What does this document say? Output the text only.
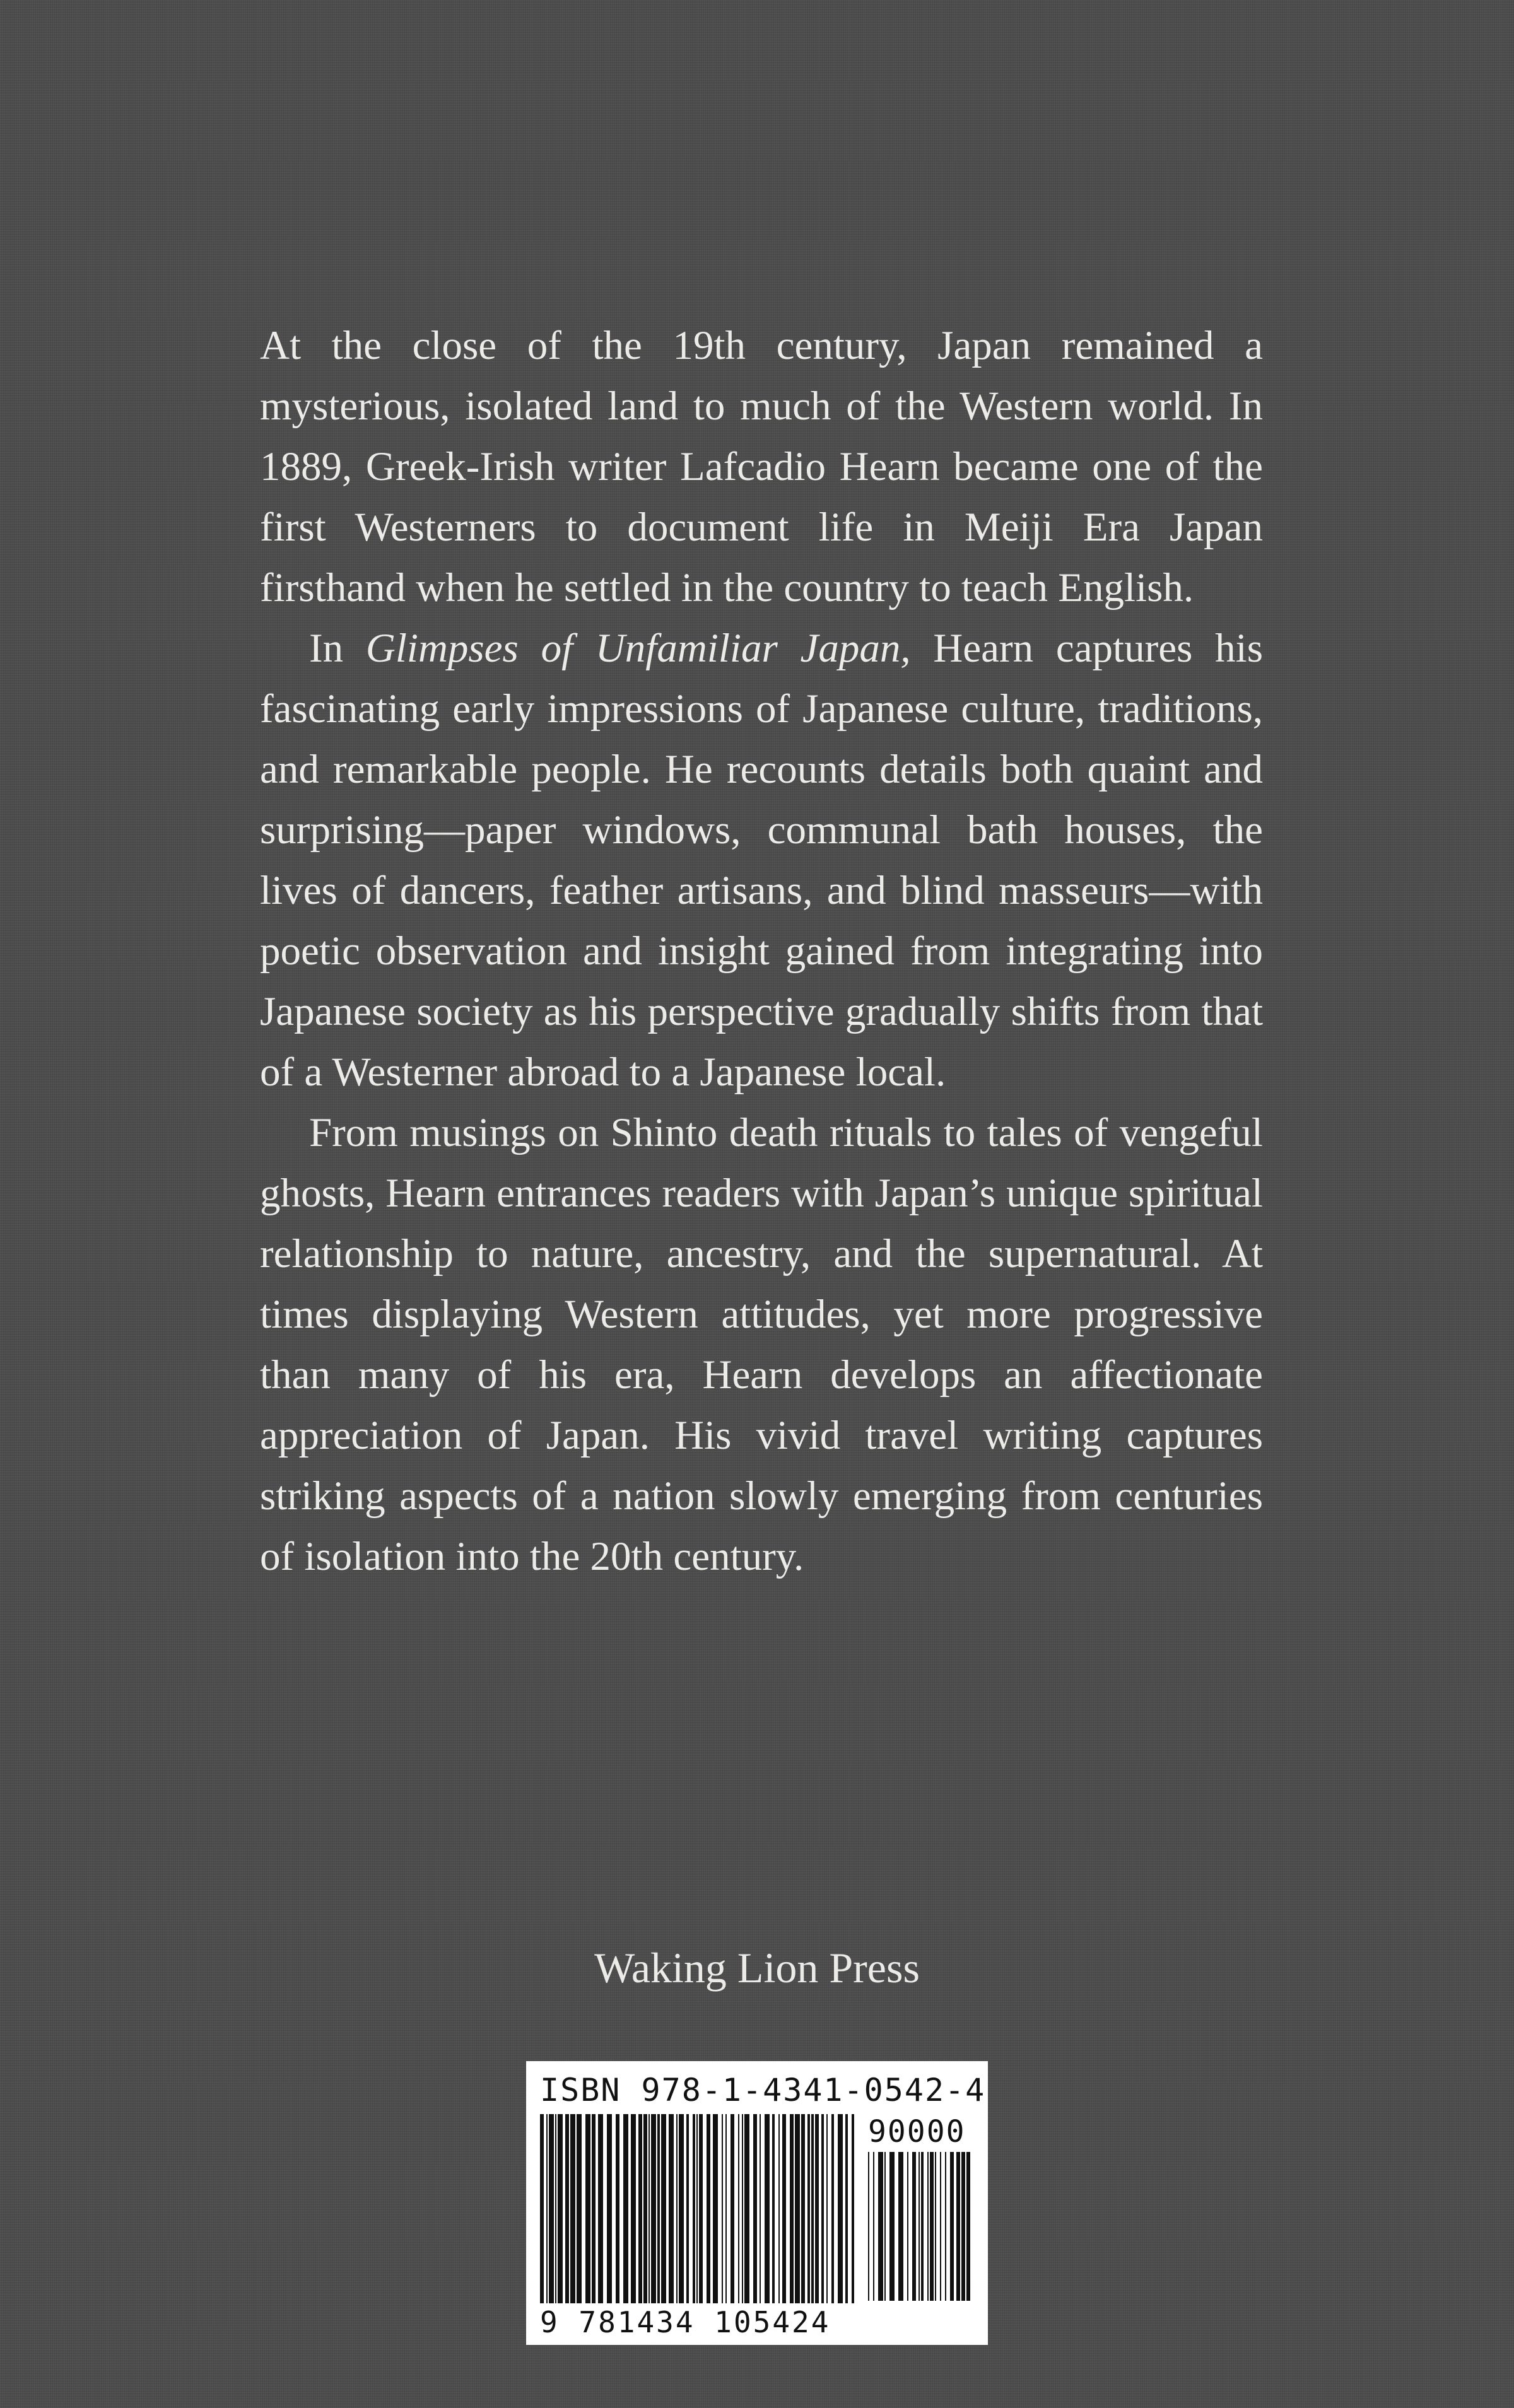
At the close of the 19th century, Japan remained a mysterious, isolated land to much of the Western world. In 1889, Greek-Irish writer Lafcadio Hearn became one of the first Westerners to document life in Meiji Era Japan firsthand when he settled in the country to teach English.

In Glimpses of Unfamiliar Japan, Hearn captures his fascinating early impressions of Japanese culture, traditions, and remarkable people. He recounts details both quaint and surprising—paper windows, communal bath houses, the lives of dancers, feather artisans, and blind masseurs—with poetic observation and insight gained from integrating into Japanese society as his perspective gradually shifts from that of a Westerner abroad to a Japanese local.

From musings on Shinto death rituals to tales of vengeful ghosts, Hearn entrances readers with Japan’s unique spiritual relationship to nature, ancestry, and the supernatural. At times displaying Western attitudes, yet more progressive than many of his era, Hearn develops an affectionate appreciation of Japan. His vivid travel writing captures striking aspects of a nation slowly emerging from centuries of isolation into the 20th century.

Waking Lion Press
ISBN 978-1-4341-0542-4
90000
9 781434 105424
